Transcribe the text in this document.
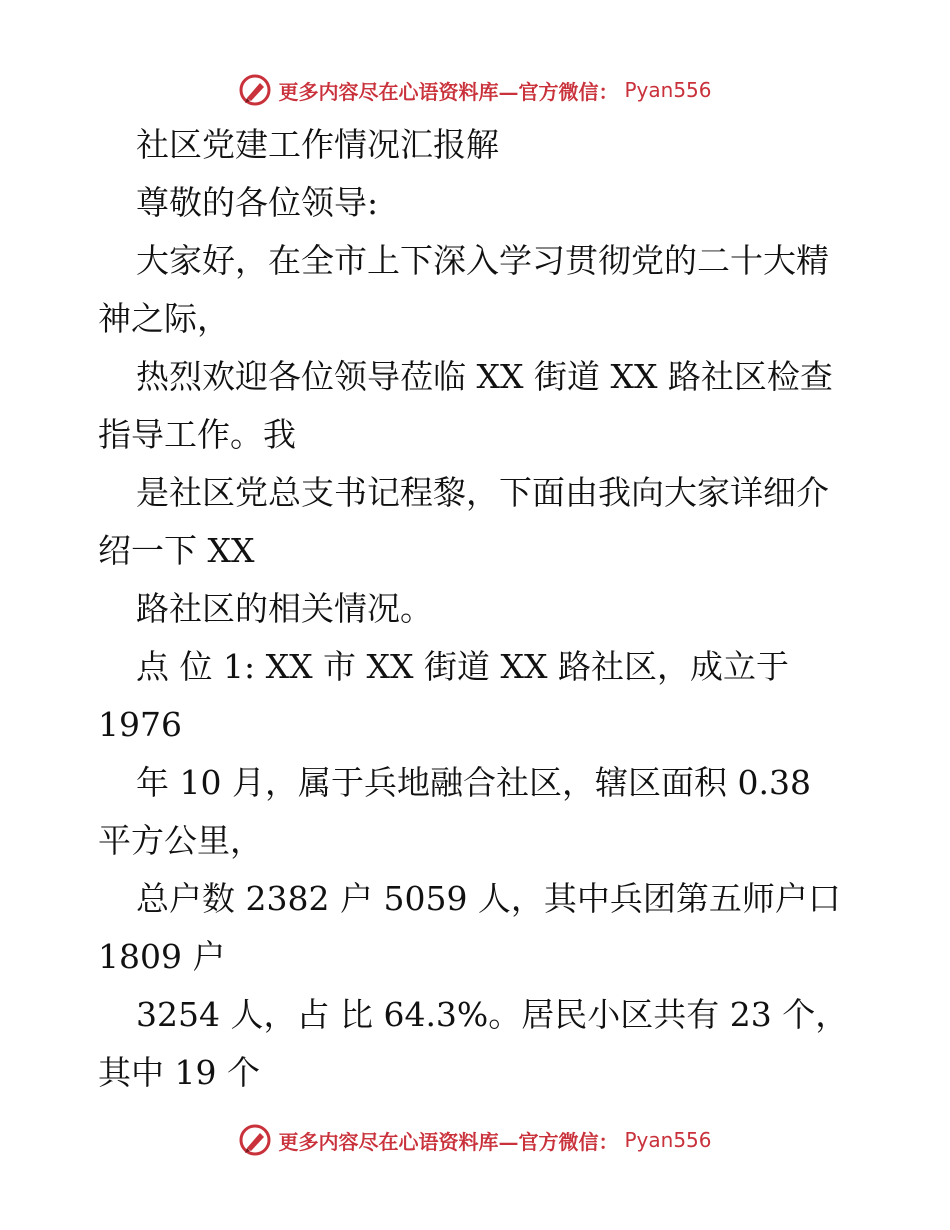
更多内容尽在心语资料库—官方微信： Pyan556

社区党建工作情况汇报解

尊敬的各位领导:

大家好，在全市上下深入学习贯彻党的二十大精

神之际，

热烈欢迎各位领导莅临 XX 街道 XX 路社区检查

指导工作。我

是社区党总支书记程黎，下面由我向大家详细介

绍一下 XX

路社区的相关情况。

点 位 1: XX 市 XX 街道 XX 路社区，成立于

1976

年 10 月，属于兵地融合社区，辖区面积 0.38

平方公里，

总户数 2382 户 5059 人，其中兵团第五师户口

1809 户

3254 人，占 比 64.3%。居民小区共有 23 个，

其中 19 个

更多内容尽在心语资料库—官方微信： Pyan556
